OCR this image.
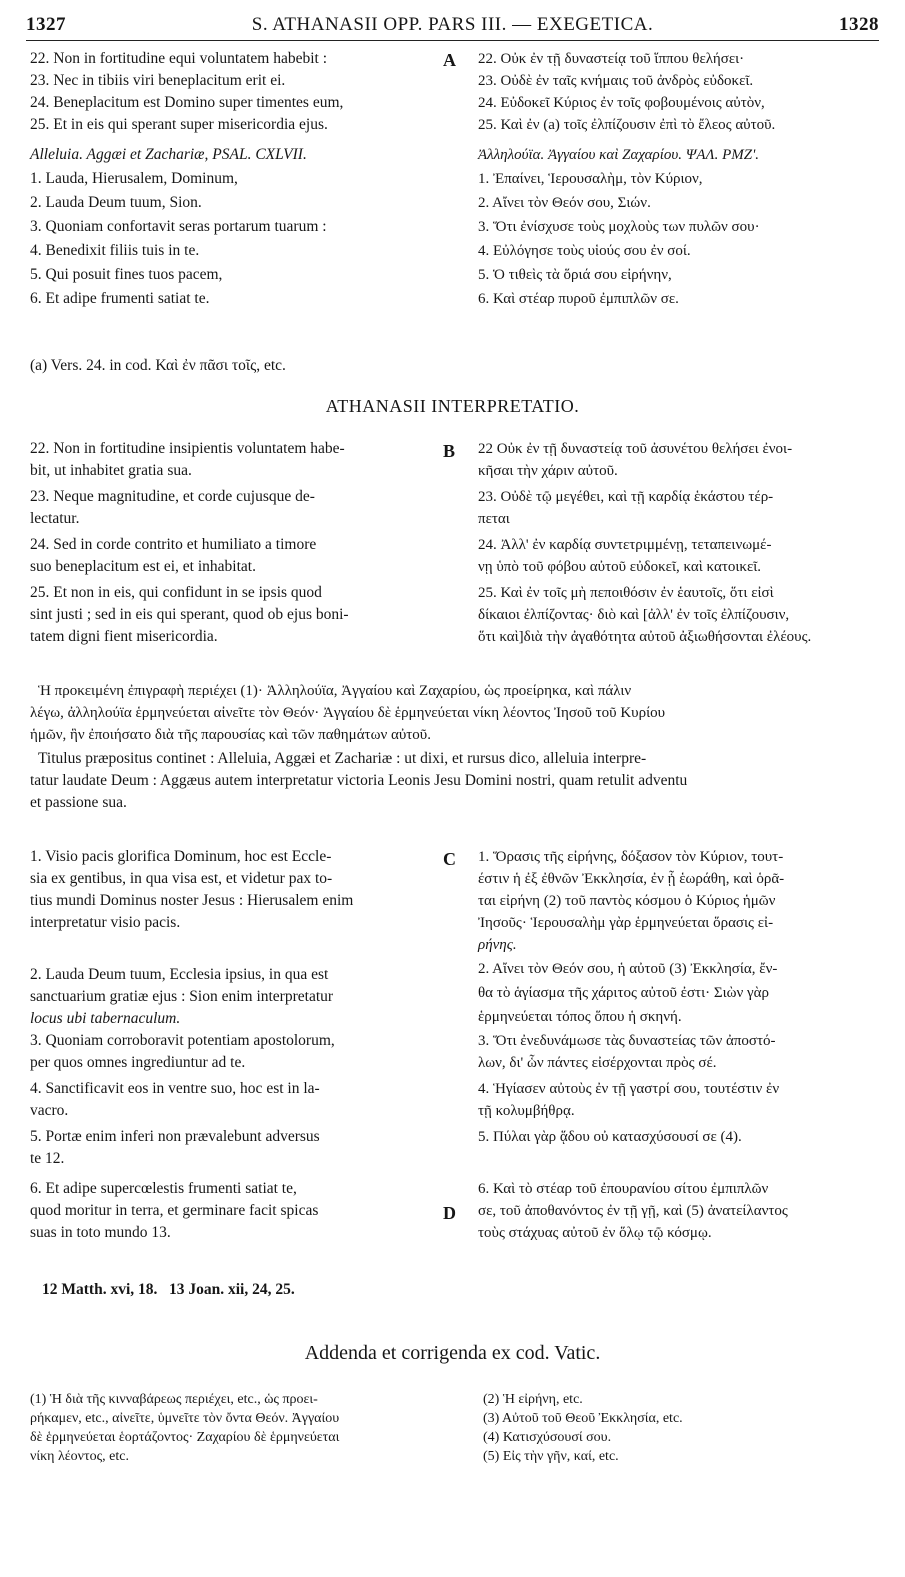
1327	S. ATHANASII OPP. PARS III. — EXEGETICA.	1328
22. Non in fortitudine equi voluntatem habebit :
23. Nec in tibiis viri beneplacitum erit ei.
24. Beneplacitum est Domino super timentes eum,
25. Et in eis qui sperant super misericordia ejus.
Alleluia. Aggæi et Zachariæ, PSAL. CXLVII.
1. Lauda, Hierusalem, Dominum,
2. Lauda Deum tuum, Sion.
3. Quoniam confortavit seras portarum tuarum :
4. Benedixit filiis tuis in te.
5. Qui posuit fines tuos pacem,
6. Et adipe frumenti satiat te.
A 22. Οὐκ ἐν τῇ δυναστείᾳ τοῦ ἵππου θελήσει·
23. Οὐδὲ ἐν ταῖς κνήμαις τοῦ ἀνδρὸς εὐδοκεῖ.
24. Εὐδοκεῖ Κύριος ἐν τοῖς φοβουμένοις αὐτὸν,
25. Καὶ ἐν (a) τοῖς ἐλπίζουσιν ἐπὶ τὸ ἔλεος αὐτοῦ.
Ἀλληλούϊα. Ἀγγαίου καὶ Ζαχαρίου. ΨΑΛ. ΡΜΖʹ.
1. Ἐπαίνει, Ἱερουσαλὴμ, τὸν Κύριον,
2. Αἴνει τὸν Θεόν σου, Σιών.
3. Ὅτι ἐνίσχυσε τοὺς μοχλοὺς των πυλῶν σου·
4. Εὐλόγησε τοὺς υἱούς σου ἐν σοί.
5. Ὁ τιθεὶς τὰ ὅριά σου εἰρήνην,
6. Καὶ στέαρ πυροῦ ἐμπιπλῶν σε.
(a) Vers. 24. in cod. Καὶ ἐν πᾶσι τοῖς, etc.
ATHANASII INTERPRETATIO.
22. Non in fortitudine insipientis voluntatem habe-
bit, ut inhabitet gratia sua.
23. Neque magnitudine, et corde cujusque de-
lectatur.
24. Sed in corde contrito et humiliato a timore
suo beneplacitum est ei, et inhabitat.
25. Et non in eis, qui confidunt in se ipsis quod
sint justi ; sed in eis qui sperant, quod ob ejus boni-
tatem digni fient misericordia.
B 22 Οὐκ ἐν τῇ δυναστείᾳ τοῦ ἀσυνέτου θελήσει ἐνοι-
κῆσαι τὴν χάριν αὐτοῦ.
23. Οὐδὲ τῷ μεγέθει, καὶ τῇ καρδίᾳ ἑκάστου τέρ-
πεται
24. Ἀλλ' ἐν καρδίᾳ συντετριμμένῃ, τεταπεινωμέ-
νῃ ὑπὸ τοῦ φόβου αὐτοῦ εὐδοκεῖ, καὶ κατοικεῖ.
25. Καὶ ἐν τοῖς μὴ πεποιθόσιν ἐν ἑαυτοῖς, ὅτι εἰσὶ
δίκαιοι ἐλπίζοντας· διὸ καὶ [ἀλλ' ἐν τοῖς ἐλπίζουσιν,
ὅτι καὶ]διὰ τὴν ἀγαθότητα αὐτοῦ ἀξιωθήσονται ἐλέους.
Ἡ προκειμένη ἐπιγραφὴ περιέχει (1)· Ἀλληλούϊα, Ἀγγαίου καὶ Ζαχαρίου, ὡς προείρηκα, καὶ πάλιν
λέγω, ἀλληλούϊα ἑρμηνεύεται αἰνεῖτε τὸν Θεόν· Ἀγγαίου δὲ ἑρμηνεύεται νίκη λέοντος Ἰησοῦ τοῦ Κυρίου
ἡμῶν, ἣν ἐποιήσατο διὰ τῆς παρουσίας καὶ τῶν παθημάτων αὐτοῦ.
Titulus præpositus continet : Alleluia, Aggæi et Zachariæ : ut dixi, et rursus dico, alleluia interpre-
tatur laudate Deum : Aggæus autem interpretatur victoria Leonis Jesu Domini nostri, quam retulit adventu
et passione sua.
1. Visio pacis glorifica Dominum, hoc est Eccle-
sia ex gentibus, in qua visa est, et videtur pax to-
tius mundi Dominus noster Jesus : Hierusalem enim
interpretatur visio pacis.
2. Lauda Deum tuum, Ecclesia ipsius, in qua est
sanctuarium gratiæ ejus : Sion enim interpretatur
locus ubi tabernaculum.
3. Quoniam corroboravit potentiam apostolorum,
per quos omnes ingrediuntur ad te.
4. Sanctificavit eos in ventre suo, hoc est in la-
vacro.
5. Portæ enim inferi non prævalebunt adversus
te 12.
6. Et adipe supercœlestis frumenti satiat te,
quod moritur in terra, et germinare facit spicas
suas in toto mundo 13.
C
D
1. Ὅρασις τῆς εἰρήνης, δόξασον τὸν Κύριον, τουτ-
έστιν ἡ ἐξ ἐθνῶν Ἐκκλησία, ἐν ᾗ ἑωράθη, καὶ ὁρᾶ-
ται εἰρήνη (2) τοῦ παντὸς κόσμου ὁ Κύριος ἡμῶν
Ἰησοῦς· Ἱερουσαλὴμ γὰρ ἑρμηνεύεται ὅρασις εἰ-
ρήνης.
2. Αἴνει τὸν Θεόν σου, ἡ αὐτοῦ (3) Ἐκκλησία, ἔν-
θα τὸ ἁγίασμα τῆς χάριτος αὐτοῦ ἐστι· Σιὼν γὰρ
ἑρμηνεύεται τόπος ὅπου ἡ σκηνή.
3. Ὅτι ἐνεδυνάμωσε τὰς δυναστείας τῶν ἀποστό-
λων, δι' ὧν πάντες εἰσέρχονται πρὸς σέ.
4. Ἡγίασεν αὐτοὺς ἐν τῇ γαστρί σου, τουτέστιν ἐν
τῇ κολυμβήθρᾳ.
5. Πύλαι γὰρ ᾅδου οὐ κατασχύσουσί σε (4).
6. Καὶ τὸ στέαρ τοῦ ἐπουρανίου σίτου ἐμπιπλῶν
σε, τοῦ ἀποθανόντος ἐν τῇ γῇ, καὶ (5) ἀνατείλαντος
τοὺς στάχυας αὐτοῦ ἐν ὅλῳ τῷ κόσμῳ.
12 Matth. xvi, 18.   13 Joan. xii, 24, 25.
Addenda et corrigenda ex cod. Vatic.
(1) Ἡ διὰ τῆς κινναβάρεως περιέχει, etc., ὡς προει-
ρήκαμεν, etc., αἰνεῖτε, ὑμνεῖτε τὸν ὄντα Θεόν. Ἀγγαίου
δὲ ἑρμηνεύεται ἑορτάζοντος· Ζαχαρίου δὲ ἑρμηνεύεται
νίκη λέοντος, etc.
(2) Ἡ εἰρήνη, etc.
(3) Αὐτοῦ τοῦ Θεοῦ Ἐκκλησία, etc.
(4) Κατισχύσουσί σου.
(5) Εἰς τὴν γῆν, καί, etc.
